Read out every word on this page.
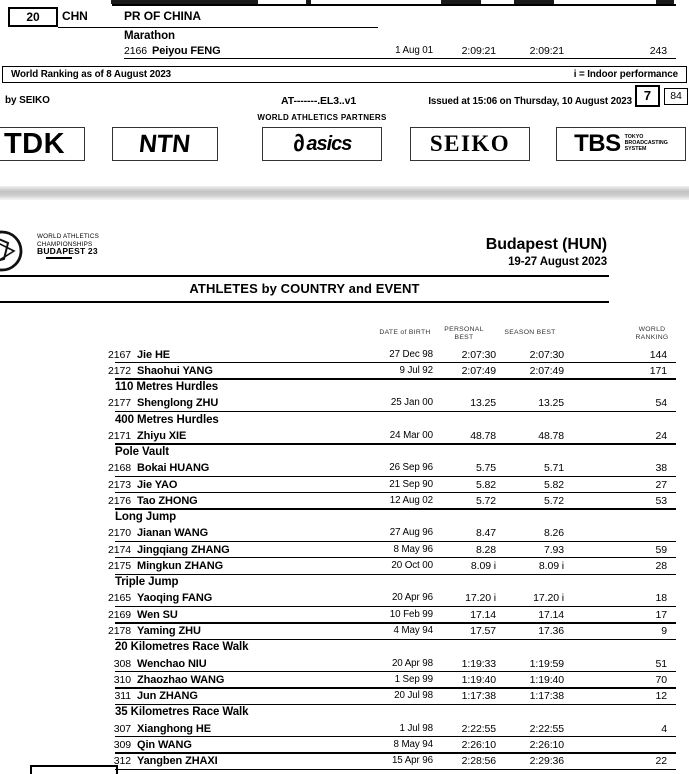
20	CHN	PR OF CHINA
Marathon
2166 Peiyou FENG	1 Aug 01	2:09:21	2:09:21	243
World Ranking as of 8 August 2023	i = Indoor performance
by SEIKO	AT-------.EL3..v1	Issued at 15:06 on Thursday, 10 August 2023 7	84
WORLD ATHLETICS PARTNERS
TDK	NTN	∂ asics	SEIKO	TBS TOKYO
BROADCASTING
SYSTEM
WORLD ATHLETICS
CHAMPIONSHIPS
BUDAPEST 23	Budapest (HUN)
19-27 August 2023
ATHLETES by COUNTRY and EVENT
DATE of BIRTH	PERSONAL
BEST
SEASON BEST	WORLD
RANKING
2167 Jie HE	27 Dec 98	2:07:30	2:07:30	144
2172 Shaohui YANG	9 Jul 92	2:07:49	2:07:49	171
110 Metres Hurdles
2177 Shenglong ZHU	25 Jan 00	13.25	13.25	54
400 Metres Hurdles
2171 Zhiyu XIE	24 Mar 00	48.78	48.78	24
Pole Vault
2168 Bokai HUANG	26 Sep 96	5.75	5.71	38
2173 Jie YAO	21 Sep 90	5.82	5.82	27
2176 Tao ZHONG	12 Aug 02	5.72	5.72	53
Long Jump
2170 Jianan WANG	27 Aug 96	8.47	8.26
2174 Jingqiang ZHANG	8 May 96	8.28	7.93	59
2175 Mingkun ZHANG	20 Oct 00	8.09 i	8.09 i	28
Triple Jump
2165 Yaoqing FANG	20 Apr 96	17.20 i	17.20 i	18
2169 Wen SU	10 Feb 99	17.14	17.14	17
2178 Yaming ZHU	4 May 94	17.57	17.36	9
20 Kilometres Race Walk
308 Wenchao NIU	20 Apr 98	1:19:33	1:19:59	51
310 Zhaozhao WANG	1 Sep 99	1:19:40	1:19:40	70
311 Jun ZHANG	20 Jul 98	1:17:38	1:17:38	12
35 Kilometres Race Walk
307 Xianghong HE	1 Jul 98	2:22:55	2:22:55	4
309 Qin WANG	8 May 94	2:26:10	2:26:10
312 Yangben ZHAXI	15 Apr 96	2:28:56	2:29:36	22
